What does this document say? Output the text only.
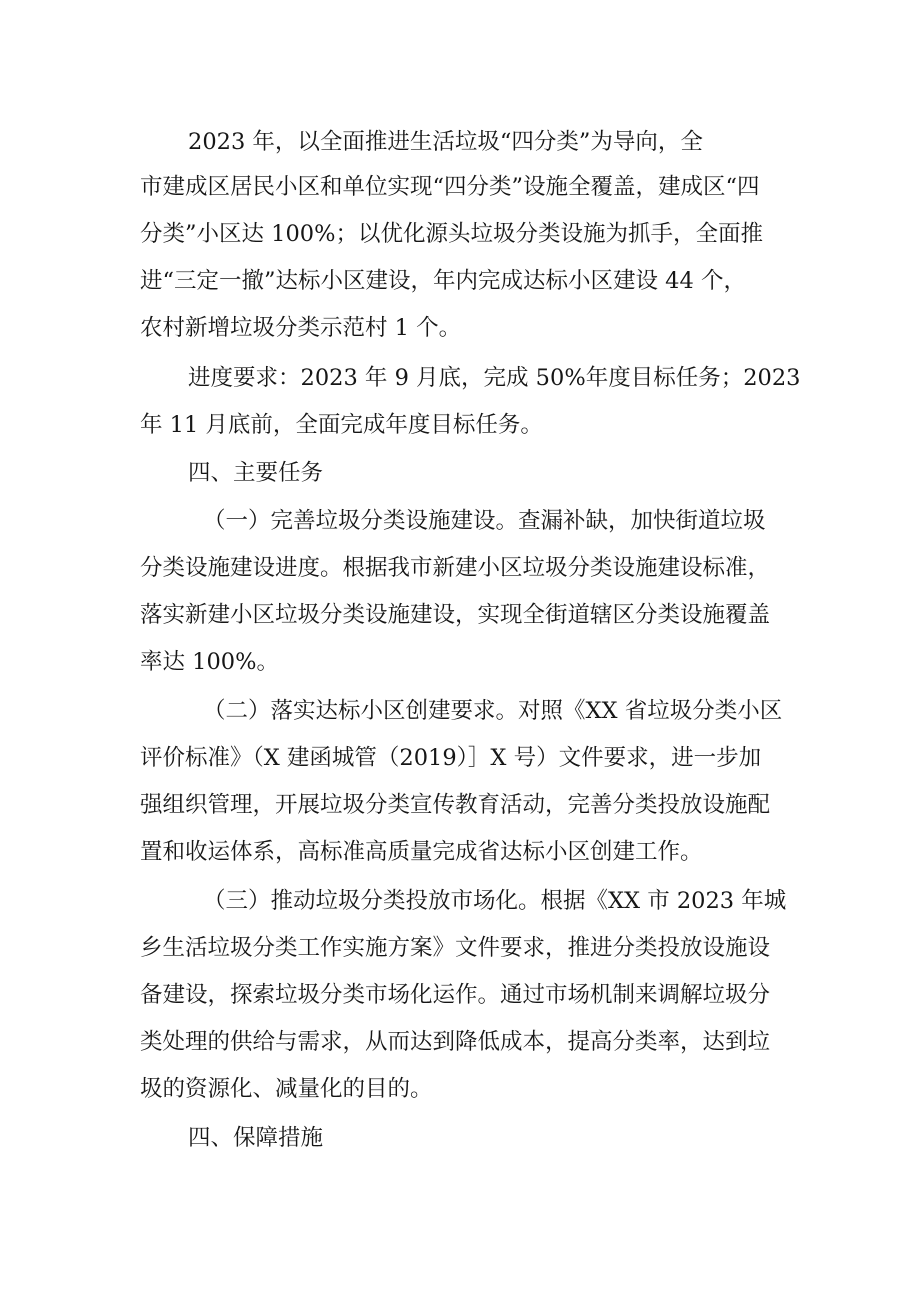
2023 年，以全面推进生活垃圾“四分类”为导向，全
市建成区居民小区和单位实现“四分类”设施全覆盖，建成区“四
分类”小区达 100%；以优化源头垃圾分类设施为抓手，全面推
进“三定一撤”达标小区建设，年内完成达标小区建设 44 个，
农村新增垃圾分类示范村 1 个。
进度要求：2023 年 9 月底，完成 50%年度目标任务；2023
年 11 月底前，全面完成年度目标任务。
四、主要任务
（一）完善垃圾分类设施建设。查漏补缺，加快街道垃圾
分类设施建设进度。根据我市新建小区垃圾分类设施建设标准，
落实新建小区垃圾分类设施建设，实现全街道辖区分类设施覆盖
率达 100%。
（二）落实达标小区创建要求。对照《XX 省垃圾分类小区
评价标准》（X 建函城管（2019）］X 号）文件要求，进一步加
强组织管理，开展垃圾分类宣传教育活动，完善分类投放设施配
置和收运体系，高标准高质量完成省达标小区创建工作。
（三）推动垃圾分类投放市场化。根据《XX 市 2023 年城
乡生活垃圾分类工作实施方案》文件要求，推进分类投放设施设
备建设，探索垃圾分类市场化运作。通过市场机制来调解垃圾分
类处理的供给与需求，从而达到降低成本，提高分类率，达到垃
圾的资源化、减量化的目的。
四、保障措施
